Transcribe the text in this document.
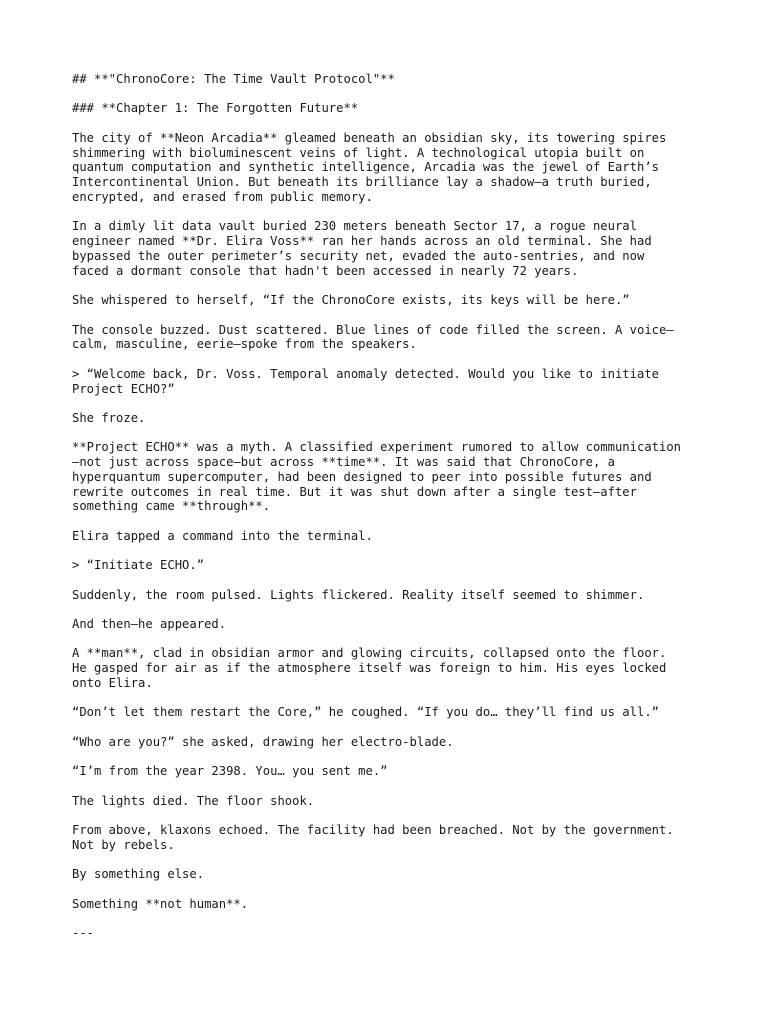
## **"ChronoCore: The Time Vault Protocol"**

### **Chapter 1: The Forgotten Future**

The city of **Neon Arcadia** gleamed beneath an obsidian sky, its towering spires
shimmering with bioluminescent veins of light. A technological utopia built on
quantum computation and synthetic intelligence, Arcadia was the jewel of Earth’s
Intercontinental Union. But beneath its brilliance lay a shadow—a truth buried,
encrypted, and erased from public memory.

In a dimly lit data vault buried 230 meters beneath Sector 17, a rogue neural
engineer named **Dr. Elira Voss** ran her hands across an old terminal. She had
bypassed the outer perimeter’s security net, evaded the auto-sentries, and now
faced a dormant console that hadn't been accessed in nearly 72 years.

She whispered to herself, “If the ChronoCore exists, its keys will be here.”

The console buzzed. Dust scattered. Blue lines of code filled the screen. A voice—
calm, masculine, eerie—spoke from the speakers.

> “Welcome back, Dr. Voss. Temporal anomaly detected. Would you like to initiate
Project ECHO?”

She froze.

**Project ECHO** was a myth. A classified experiment rumored to allow communication
—not just across space—but across **time**. It was said that ChronoCore, a
hyperquantum supercomputer, had been designed to peer into possible futures and
rewrite outcomes in real time. But it was shut down after a single test—after
something came **through**.

Elira tapped a command into the terminal.

> “Initiate ECHO.”

Suddenly, the room pulsed. Lights flickered. Reality itself seemed to shimmer.

And then—he appeared.

A **man**, clad in obsidian armor and glowing circuits, collapsed onto the floor.
He gasped for air as if the atmosphere itself was foreign to him. His eyes locked
onto Elira.

“Don’t let them restart the Core,” he coughed. “If you do… they’ll find us all.”

“Who are you?” she asked, drawing her electro-blade.

“I’m from the year 2398. You… you sent me.”

The lights died. The floor shook.

From above, klaxons echoed. The facility had been breached. Not by the government.
Not by rebels.

By something else.

Something **not human**.

---
